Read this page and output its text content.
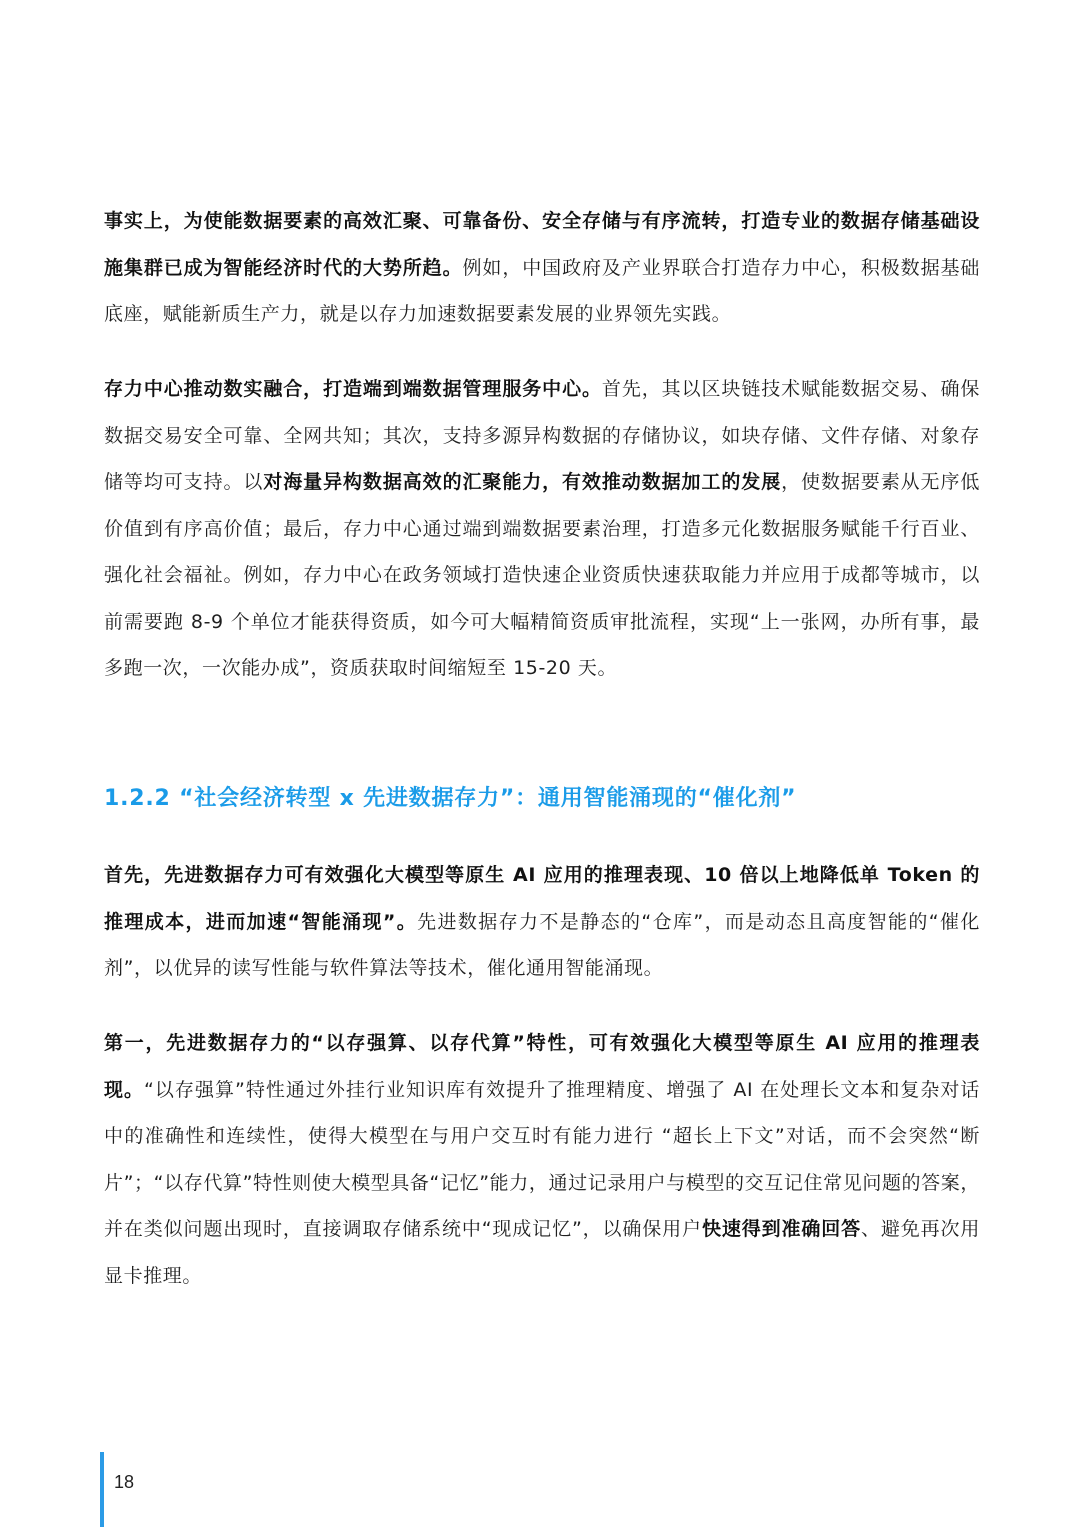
事实上，为使能数据要素的高效汇聚、可靠备份、安全存储与有序流转，打造专业的数据存储基础设施集群已成为智能经济时代的大势所趋。例如，中国政府及产业界联合打造存力中心，积极数据基础底座，赋能新质生产力，就是以存力加速数据要素发展的业界领先实践。

存力中心推动数实融合，打造端到端数据管理服务中心。首先，其以区块链技术赋能数据交易、确保数据交易安全可靠、全网共知；其次，支持多源异构数据的存储协议，如块存储、文件存储、对象存储等均可支持。以对海量异构数据高效的汇聚能力，有效推动数据加工的发展，使数据要素从无序低价值到有序高价值；最后，存力中心通过端到端数据要素治理，打造多元化数据服务赋能千行百业、强化社会福祉。例如，存力中心在政务领域打造快速企业资质快速获取能力并应用于成都等城市，以前需要跑 8-9 个单位才能获得资质，如今可大幅精简资质审批流程，实现“上一张网，办所有事，最多跑一次，一次能办成”，资质获取时间缩短至 15-20 天。

1.2.2 “社会经济转型 x 先进数据存力”：通用智能涌现的“催化剂”

首先，先进数据存力可有效强化大模型等原生 AI 应用的推理表现、10 倍以上地降低单 Token 的推理成本，进而加速“智能涌现”。先进数据存力不是静态的“仓库”，而是动态且高度智能的“催化剂”，以优异的读写性能与软件算法等技术，催化通用智能涌现。

第一，先进数据存力的“以存强算、以存代算”特性，可有效强化大模型等原生 AI 应用的推理表现。“以存强算”特性通过外挂行业知识库有效提升了推理精度、增强了 AI 在处理长文本和复杂对话中的准确性和连续性，使得大模型在与用户交互时有能力进行 “超长上下文”对话，而不会突然“断片”；“以存代算”特性则使大模型具备“记忆”能力，通过记录用户与模型的交互记住常见问题的答案，并在类似问题出现时，直接调取存储系统中“现成记忆”，以确保用户快速得到准确回答、避免再次用显卡推理。

18
